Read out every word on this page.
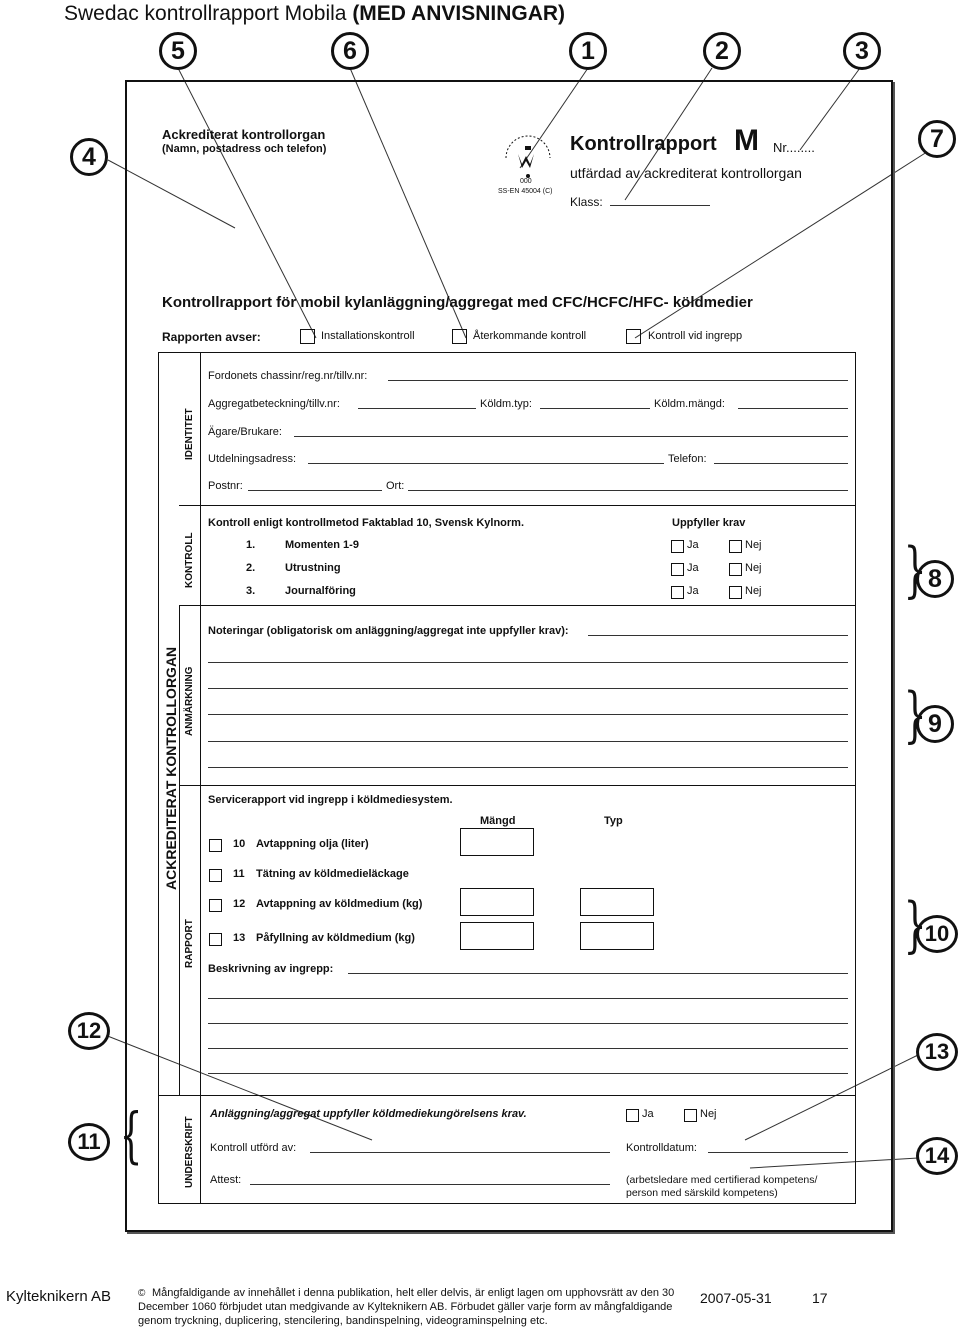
Swedac kontrollrapport Mobila (MED ANVISNINGAR)
5	6	1	2	3
4
7
8
9
10
12
11
13
14
}
}
}
}
Ackrediterat kontrollorgan
(Namn, postadress och telefon)
000
SS-EN 45004 (C)
Kontrollrapport M Nr........
utfärdad av ackrediterat kontrollorgan
Klass:
Kontrollrapport för mobil kylanläggning/aggregat med CFC/HCFC/HFC- köldmedier
Rapporten avser:	Installationskontroll	Återkommande kontroll	Kontroll vid ingrepp
IDENTITET
KONTROLL
ANMÄRKNING
RAPPORT
ACKREDITERAT KONTROLLORGAN
UNDERSKRIFT
Fordonets chassinr/reg.nr/tillv.nr:
Aggregatbeteckning/tillv.nr:	Köldm.typ:	Köldm.mängd:
Ägare/Brukare:
Utdelningsadress:	Telefon:
Postnr:	Ort:
Kontroll enligt kontrollmetod Faktablad 10, Svensk Kylnorm.	Uppfyller krav
1.	Momenten 1-9	Ja	Nej
2.	Utrustning	Ja	Nej
3.	Journalföring	Ja	Nej
Noteringar (obligatorisk om anläggning/aggregat inte uppfyller krav):
Servicerapport vid ingrepp i köldmediesystem.
Mängd	Typ
10 Avtappning olja (liter)
11 Tätning av köldmedieläckage
12 Avtappning av köldmedium (kg)
13 Påfyllning av köldmedium (kg)
Beskrivning av ingrepp:
Anläggning/aggregat uppfyller köldmediekungörelsens krav.	Ja	Nej
Kontroll utförd av:	Kontrolldatum:
Attest:	(arbetsledare med certifierad kompetens/
person med särskild kompetens)
Kylteknikern AB	© Mångfaldigande av innehållet i denna publikation, helt eller delvis, är enligt lagen om upphovsrätt av den 30
December 1060 förbjudet utan medgivande av Kylteknikern AB. Förbudet gäller varje form av mångfaldigande
genom tryckning, duplicering, stencilering, bandinspelning, videograminspelning etc.
2007-05-31	17
